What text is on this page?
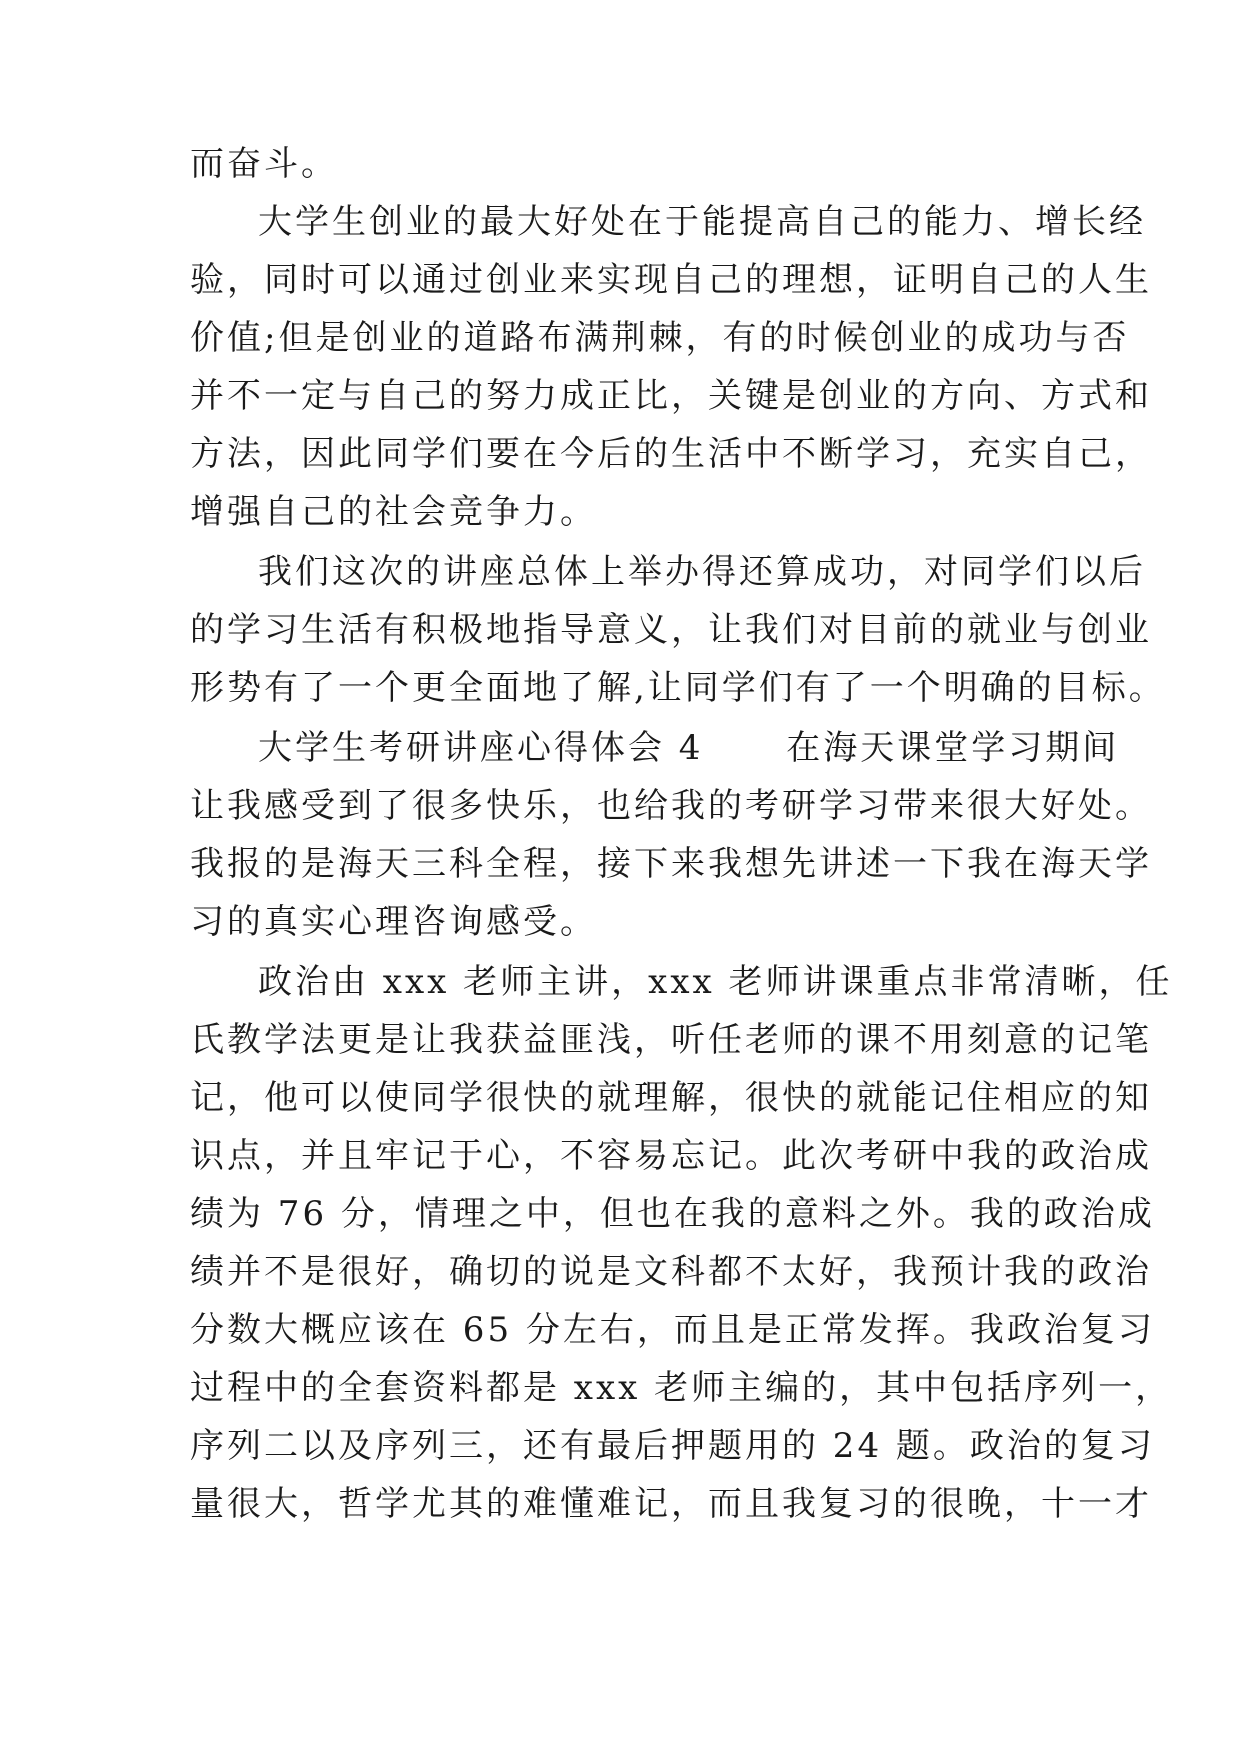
而奋斗。
大学生创业的最大好处在于能提高自己的能力、增长经
验，同时可以通过创业来实现自己的理想，证明自己的人生
价值;但是创业的道路布满荆棘，有的时候创业的成功与否
并不一定与自己的努力成正比，关键是创业的方向、方式和
方法，因此同学们要在今后的生活中不断学习，充实自己，
增强自己的社会竞争力。
我们这次的讲座总体上举办得还算成功，对同学们以后
的学习生活有积极地指导意义，让我们对目前的就业与创业
形势有了一个更全面地了解,让同学们有了一个明确的目标。
大学生考研讲座心得体会 4      在海天课堂学习期间
让我感受到了很多快乐，也给我的考研学习带来很大好处。
我报的是海天三科全程，接下来我想先讲述一下我在海天学
习的真实心理咨询感受。
政治由 xxx 老师主讲，xxx 老师讲课重点非常清晰，任
氏教学法更是让我获益匪浅，听任老师的课不用刻意的记笔
记，他可以使同学很快的就理解，很快的就能记住相应的知
识点，并且牢记于心，不容易忘记。此次考研中我的政治成
绩为 76 分，情理之中，但也在我的意料之外。我的政治成
绩并不是很好，确切的说是文科都不太好，我预计我的政治
分数大概应该在 65 分左右，而且是正常发挥。我政治复习
过程中的全套资料都是 xxx 老师主编的，其中包括序列一，
序列二以及序列三，还有最后押题用的 24 题。政治的复习
量很大，哲学尤其的难懂难记，而且我复习的很晚，十一才
